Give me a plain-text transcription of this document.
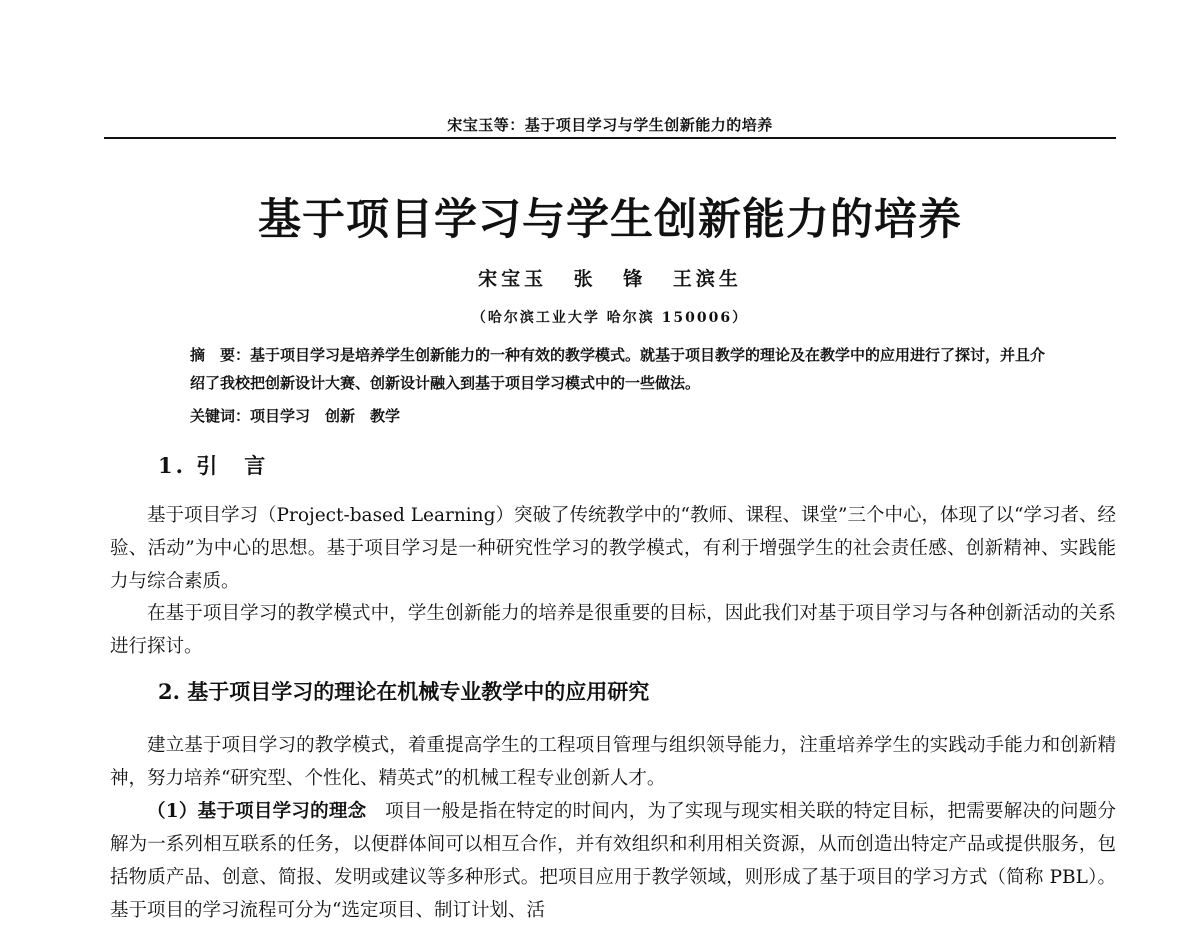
宋宝玉等：基于项目学习与学生创新能力的培养
基于项目学习与学生创新能力的培养
宋宝玉 张 锋 王滨生
（哈尔滨工业大学 哈尔滨 150006）
摘　要：基于项目学习是培养学生创新能力的一种有效的教学模式。就基于项目教学的理论及在教学中的应用进行了探讨，并且介绍了我校把创新设计大赛、创新设计融入到基于项目学习模式中的一些做法。
关键词：项目学习　创新　教学
1. 引　言
基于项目学习（Project-based Learning）突破了传统教学中的“教师、课程、课堂”三个中心，体现了以“学习者、经验、活动”为中心的思想。基于项目学习是一种研究性学习的教学模式，有利于增强学生的社会责任感、创新精神、实践能力与综合素质。
在基于项目学习的教学模式中，学生创新能力的培养是很重要的目标，因此我们对基于项目学习与各种创新活动的关系进行探讨。
2. 基于项目学习的理论在机械专业教学中的应用研究
建立基于项目学习的教学模式，着重提高学生的工程项目管理与组织领导能力，注重培养学生的实践动手能力和创新精神，努力培养“研究型、个性化、精英式”的机械工程专业创新人才。
（1）基于项目学习的理念　项目一般是指在特定的时间内，为了实现与现实相关联的特定目标，把需要解决的问题分解为一系列相互联系的任务，以便群体间可以相互合作，并有效组织和利用相关资源，从而创造出特定产品或提供服务，包括物质产品、创意、简报、发明或建议等多种形式。把项目应用于教学领域，则形成了基于项目的学习方式（简称 PBL）。基于项目的学习流程可分为“选定项目、制订计划、活
